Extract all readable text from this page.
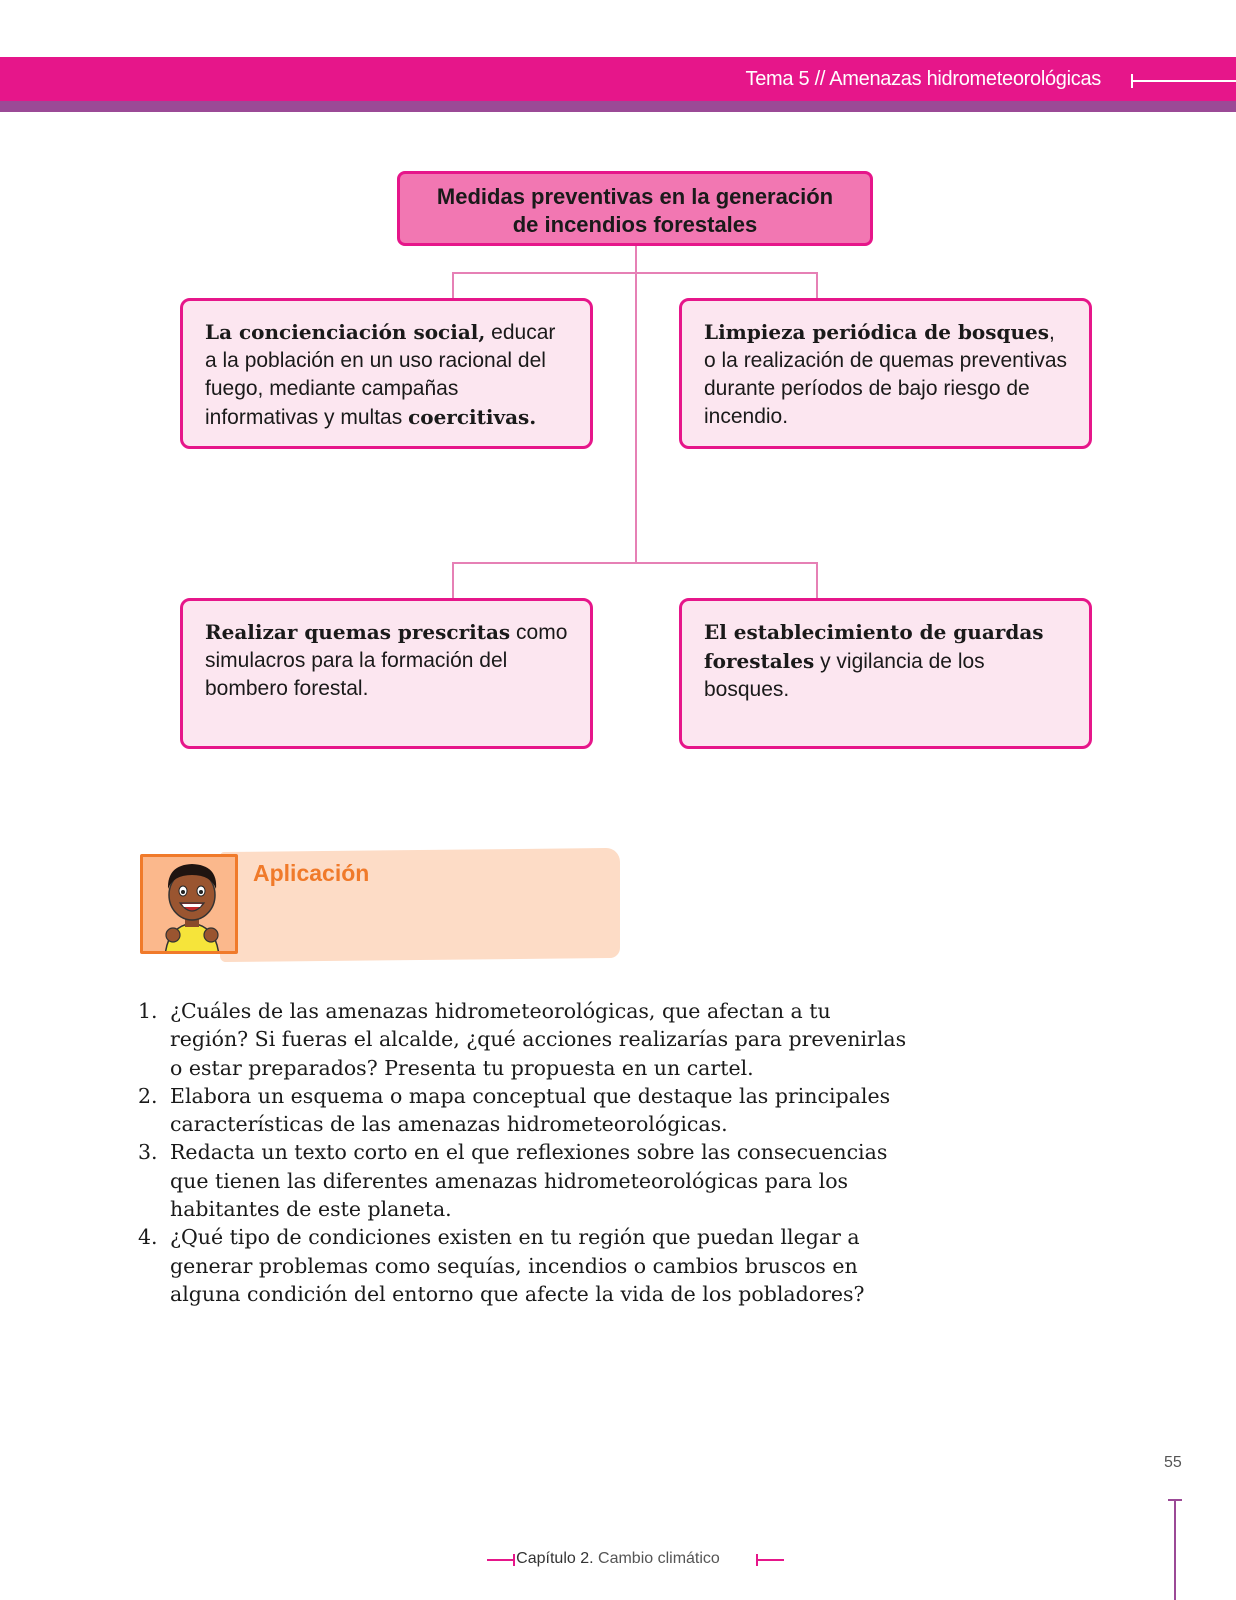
Tema 5 // Amenazas hidrometeorológicas
Medidas preventivas en la generación
de incendios forestales
La concienciación social, educar a la población en un uso racional del fuego, mediante campañas informativas y multas coercitivas.
Limpieza periódica de bosques, o la realización de quemas preventivas durante períodos de bajo riesgo de incendio.
Realizar quemas prescritas como simulacros para la formación del bombero forestal.
El establecimiento de guardas forestales y vigilancia de los bosques.
Aplicación
1. ¿Cuáles de las amenazas hidrometeorológicas, que afectan a tu región? Si fueras el alcalde, ¿qué acciones realizarías para prevenirlas o estar preparados? Presenta tu propuesta en un cartel.
2. Elabora un esquema o mapa conceptual que destaque las principales características de las amenazas hidrometeorológicas.
3. Redacta un texto corto en el que reflexiones sobre las consecuencias que tienen las diferentes amenazas hidrometeorológicas para los habitantes de este planeta.
4. ¿Qué tipo de condiciones existen en tu región que puedan llegar a generar problemas como sequías, incendios o cambios bruscos en alguna condición del entorno que afecte la vida de los pobladores?
55
Capítulo 2. Cambio climático
